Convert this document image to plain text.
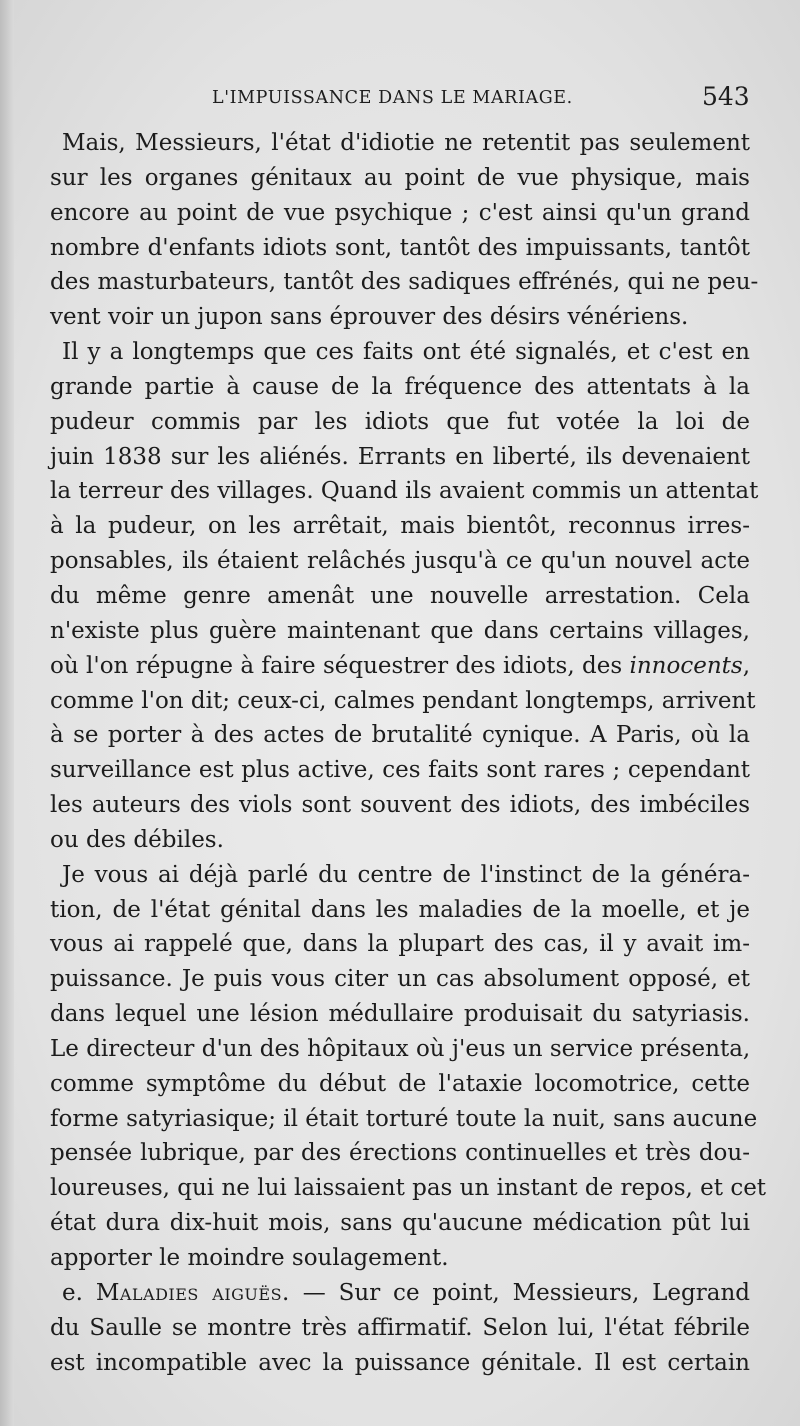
L'IMPUISSANCE DANS LE MARIAGE.	543
Mais, Messieurs, l'état d'idiotie ne retentit pas seulement
sur les organes génitaux au point de vue physique, mais
encore au point de vue psychique ; c'est ainsi qu'un grand
nombre d'enfants idiots sont, tantôt des impuissants, tantôt
des masturbateurs, tantôt des sadiques effrénés, qui ne peu-
vent voir un jupon sans éprouver des désirs vénériens.
Il y a longtemps que ces faits ont été signalés, et c'est en
grande partie à cause de la fréquence des attentats à la
pudeur commis par les idiots que fut votée la loi de
juin 1838 sur les aliénés. Errants en liberté, ils devenaient
la terreur des villages. Quand ils avaient commis un attentat
à la pudeur, on les arrêtait, mais bientôt, reconnus irres-
ponsables, ils étaient relâchés jusqu'à ce qu'un nouvel acte
du même genre amenât une nouvelle arrestation. Cela
n'existe plus guère maintenant que dans certains villages,
où l'on répugne à faire séquestrer des idiots, des innocents,
comme l'on dit; ceux-ci, calmes pendant longtemps, arrivent
à se porter à des actes de brutalité cynique. A Paris, où la
surveillance est plus active, ces faits sont rares ; cependant
les auteurs des viols sont souvent des idiots, des imbéciles
ou des débiles.
Je vous ai déjà parlé du centre de l'instinct de la généra-
tion, de l'état génital dans les maladies de la moelle, et je
vous ai rappelé que, dans la plupart des cas, il y avait im-
puissance. Je puis vous citer un cas absolument opposé, et
dans lequel une lésion médullaire produisait du satyriasis.
Le directeur d'un des hôpitaux où j'eus un service présenta,
comme symptôme du début de l'ataxie locomotrice, cette
forme satyriasique; il était torturé toute la nuit, sans aucune
pensée lubrique, par des érections continuelles et très dou-
loureuses, qui ne lui laissaient pas un instant de repos, et cet
état dura dix-huit mois, sans qu'aucune médication pût lui
apporter le moindre soulagement.
e. Maladies aiguës. — Sur ce point, Messieurs, Legrand
du Saulle se montre très affirmatif. Selon lui, l'état fébrile
est incompatible avec la puissance génitale. Il est certain
